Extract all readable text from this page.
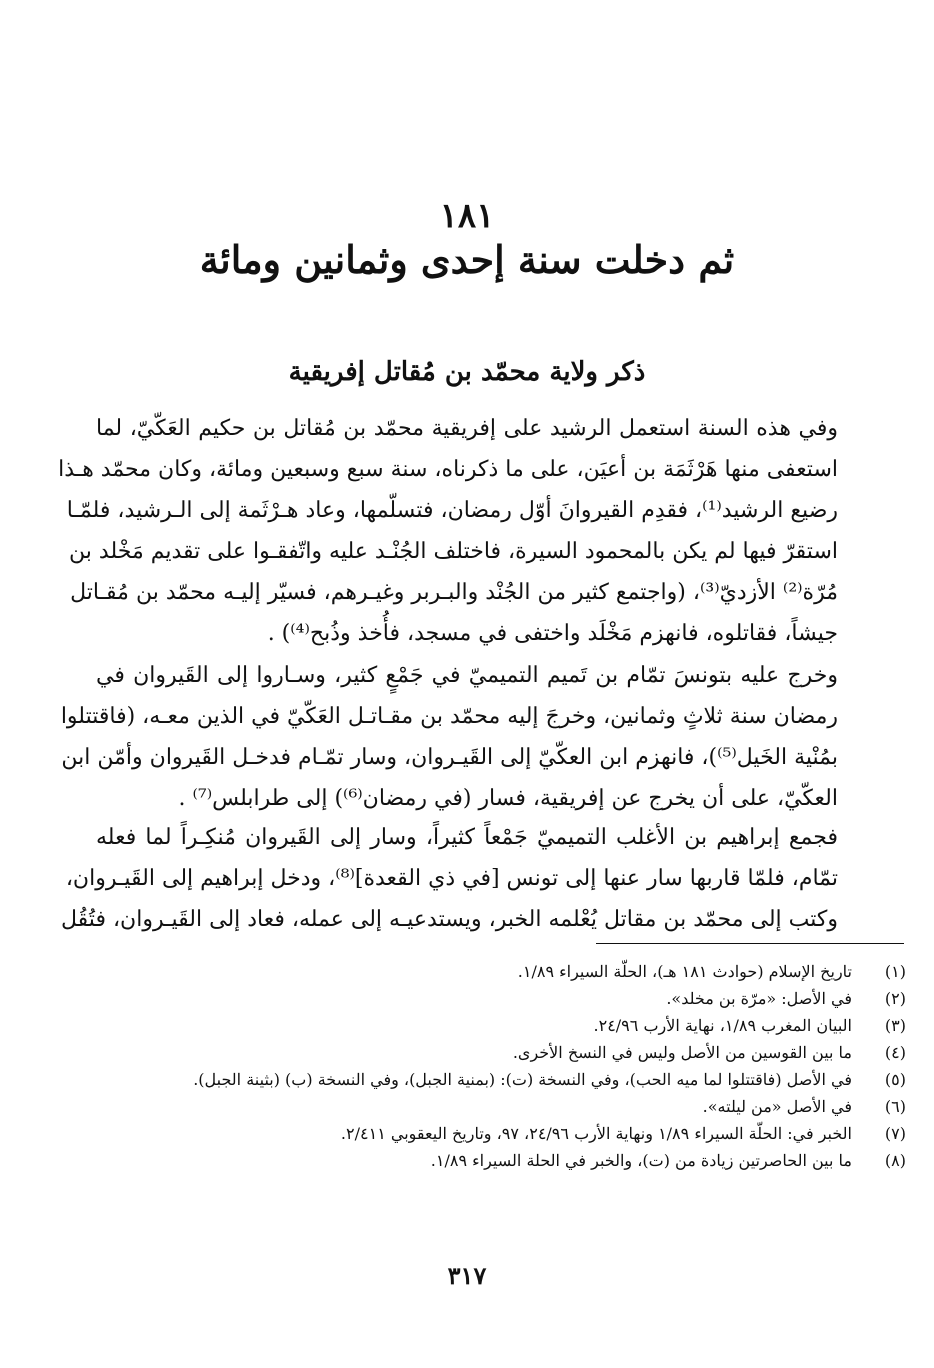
١٨١
ثم دخلت سنة إحدى وثمانين ومائة
ذكر ولاية محمّد بن مُقاتل إفريقية
وفي هذه السنة استعمل الرشيد على إفريقية محمّد بن مُقاتل بن حكيم العَكّيّ، لما
استعفى منها هَرْثَمَة بن أعيَن، على ما ذكرناه، سنة سبع وسبعين ومائة، وكان محمّد هـذا
رضيع الرشيد⁽¹⁾، فقدِم القيروانَ أوّل رمضان، فتسلّمها، وعاد هـرْثَمة إلى الـرشيد، فلمّـا
استقرّ فيها لم يكن بالمحمود السيرة، فاختلف الجُنْـد عليه واتّفقـوا على تقديم مَخْلد بن
مُرّة⁽²⁾ الأزديّ⁽³⁾، (واجتمع كثير من الجُنْد والبـربر وغيـرهم، فسيّر إليـه محمّد بن مُقـاتل
جيشاً، فقاتلوه، فانهزم مَخْلَد واختفى في مسجد، فأُخذ وذُبح⁽⁴⁾) .
وخرج عليه بتونسَ تمّام بن تَميم التميميّ في جَمْعٍ كثير، وسـاروا إلى القَيروان في
رمضان سنة ثلاثٍ وثمانين، وخرجَ إليه محمّد بن مقـاتـل العَكّيّ في الذين معـه، (فاقتتلوا
بمُنْية الخَيل⁽⁵⁾)، فانهزم ابن العكّيّ إلى القَيـروان، وسار تمّـام فدخـل القَيروان وأمّن ابن
العكّيّ، على أن يخرج عن إفريقية، فسار (في رمضان⁽⁶⁾) إلى طرابلس⁽⁷⁾ .
فجمع إبراهيم بن الأغلب التميميّ جَمْعاً كثيراً، وسار إلى القَيروان مُنكِـراً لما فعله
تمّام، فلمّا قاربها سار عنها إلى تونس [في ذي القعدة]⁽⁸⁾، ودخل إبراهيم إلى القَيـروان،
وكتب إلى محمّد بن مقاتل يُعْلمه الخبر، ويستدعيـه إلى عمله، فعاد إلى القَيـروان، فتُقُل
(١)
تاريخ الإسلام (حوادث ١٨١ هـ)، الحلّة السيراء ١/٨٩.
(٢)
في الأصل: «مرّة بن مخلد».
(٣)
البيان المغرب ١/٨٩، نهاية الأرب ٢٤/٩٦.
(٤)
ما بين القوسين من الأصل وليس في النسخ الأخرى.
(٥)
في الأصل (فاقتتلوا لما ميه الحب)، وفي النسخة (ت): (بمنية الجبل)، وفي النسخة (ب) (بثينة الجبل).
(٦)
في الأصل «من ليلته».
(٧)
الخبر في: الحلّة السيراء ١/٨٩ ونهاية الأرب ٢٤/٩٦، ٩٧، وتاريخ اليعقوبي ٢/٤١١.
(٨)
ما بين الحاصرتين زيادة من (ت)، والخبر في الحلة السيراء ١/٨٩.
٣١٧
